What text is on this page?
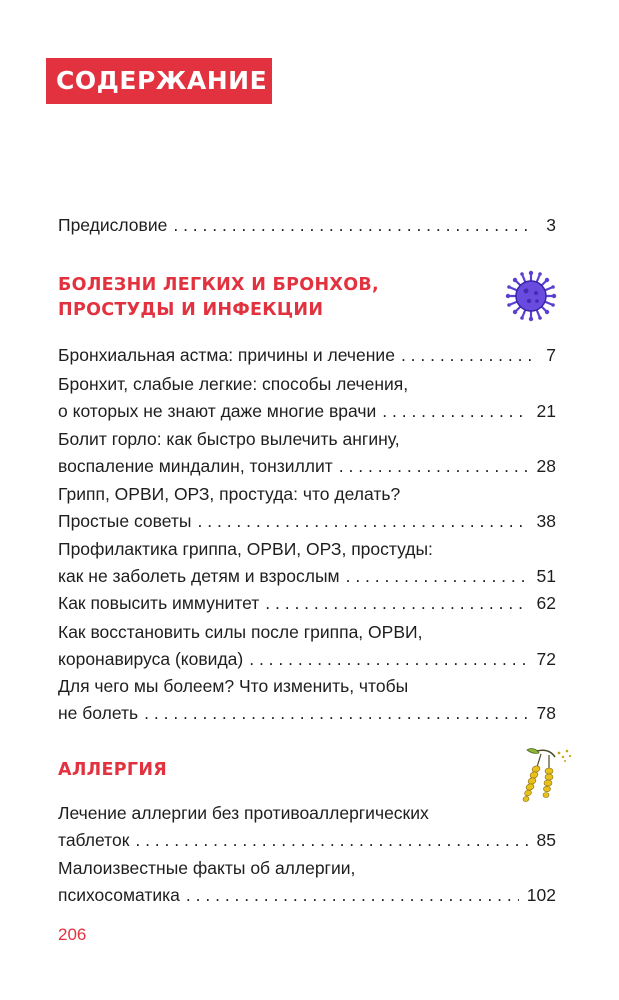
СОДЕРЖАНИЕ
Предисловие . . .	3
БОЛЕЗНИ ЛЕГКИХ И БРОНХОВ,
ПРОСТУДЫ И ИНФЕКЦИИ
Бронхиальная астма: причины и лечение . . .	7
Бронхит, слабые легкие: способы лечения,
о которых не знают даже многие врачи . . .	21
Болит горло: как быстро вылечить ангину,
воспаление миндалин, тонзиллит . . .	28
Грипп, ОРВИ, ОРЗ, простуда: что делать?
Простые советы . . .	38
Профилактика гриппа, ОРВИ, ОРЗ, простуды:
как не заболеть детям и взрослым . . .	51
Как повысить иммунитет . . .	62
Как восстановить силы после гриппа, ОРВИ,
коронавируса (ковида) . . .	72
Для чего мы болеем? Что изменить, чтобы
не болеть . . .	78
АЛЛЕРГИЯ
Лечение аллергии без противоаллергических
таблеток . . .	85
Малоизвестные факты об аллергии,
психосоматика . . .	102
206
